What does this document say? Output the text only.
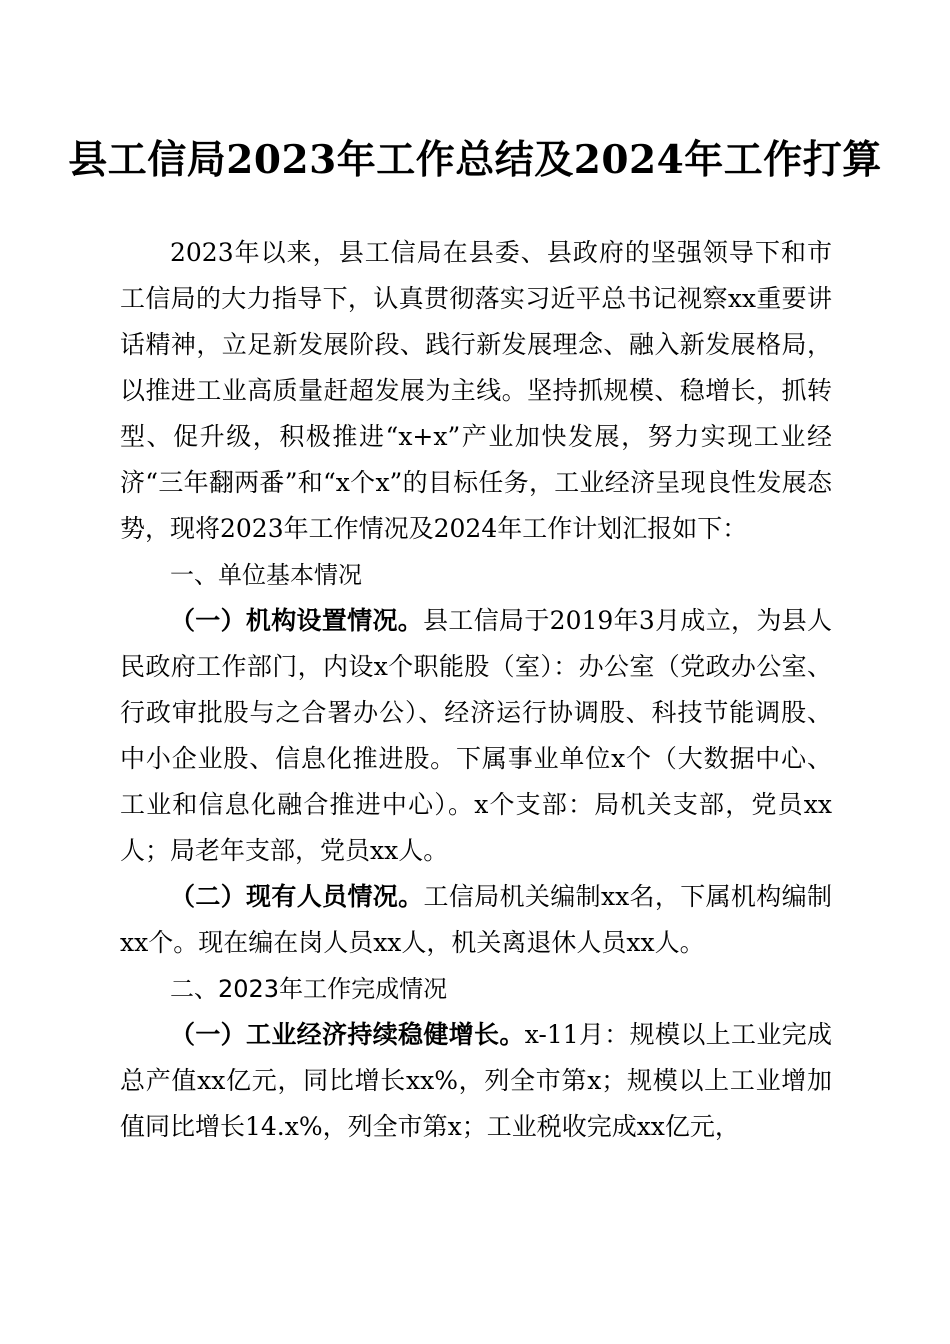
县工信局2023年工作总结及2024年工作打算

2023年以来，县工信局在县委、县政府的坚强领导下和市工信局的大力指导下，认真贯彻落实习近平总书记视察xx重要讲话精神，立足新发展阶段、践行新发展理念、融入新发展格局，以推进工业高质量赶超发展为主线。坚持抓规模、稳增长，抓转型、促升级，积极推进“x+x”产业加快发展，努力实现工业经济“三年翻两番”和“x个x”的目标任务，工业经济呈现良性发展态势，现将2023年工作情况及2024年工作计划汇报如下：

一、单位基本情况

（一）机构设置情况。县工信局于2019年3月成立，为县人民政府工作部门，内设x个职能股（室）：办公室（党政办公室、行政审批股与之合署办公）、经济运行协调股、科技节能调股、中小企业股、信息化推进股。下属事业单位x个（大数据中心、工业和信息化融合推进中心）。x个支部：局机关支部，党员xx人；局老年支部，党员xx人。

（二）现有人员情况。工信局机关编制xx名，下属机构编制xx个。现在编在岗人员xx人，机关离退休人员xx人。

二、2023年工作完成情况

（一）工业经济持续稳健增长。x-11月：规模以上工业完成总产值xx亿元，同比增长xx%，列全市第x；规模以上工业增加值同比增长14.x%，列全市第x；工业税收完成xx亿元，
